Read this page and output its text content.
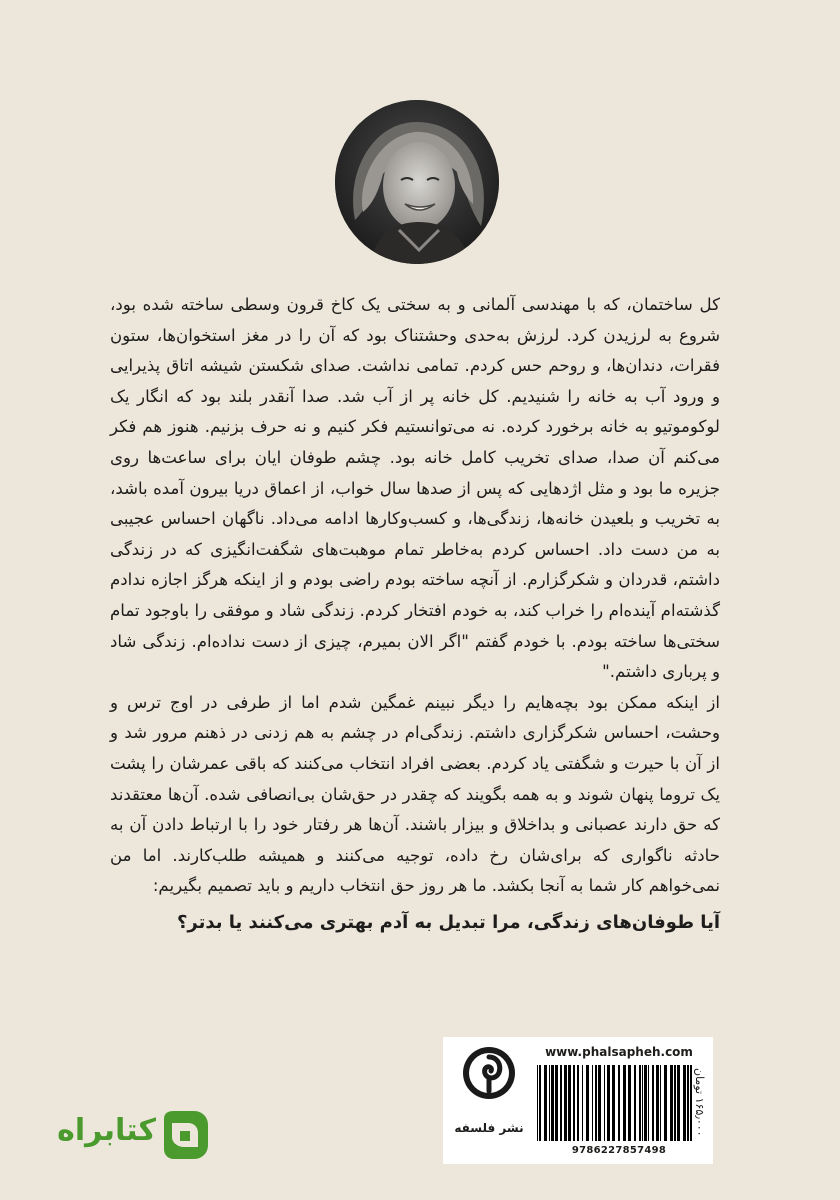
کل ساختمان، که با مهندسی آلمانی و به سختی یک کاخ قرون وسطی ساخته شده بود، شروع به لرزیدن کرد. لرزش به‌حدی وحشتناک بود که آن را در مغز استخوان‌ها، ستون فقرات، دندان‌ها، و روحم حس کردم. تمامی نداشت. صدای شکستن شیشه اتاق پذیرایی و ورود آب به خانه را شنیدیم. کل خانه پر از آب شد. صدا آنقدر بلند بود که انگار یک لوکوموتیو به خانه برخورد کرده. نه می‌توانستیم فکر کنیم و نه حرف بزنیم. هنوز هم فکر می‌کنم آن صدا، صدای تخریب کامل خانه بود. چشم طوفان ایان برای ساعت‌ها روی جزیره ما بود و مثل اژدهایی که پس از صدها سال خواب، از اعماق دریا بیرون آمده باشد، به تخریب و بلعیدن خانه‌ها، زندگی‌ها، و کسب‌وکارها ادامه می‌داد. ناگهان احساس عجیبی به من دست داد. احساس کردم به‌خاطر تمام موهبت‌های شگفت‌انگیزی که در زندگی داشتم، قدردان و شکرگزارم. از آنچه ساخته بودم راضی بودم و از اینکه هرگز اجازه ندادم گذشته‌ام آینده‌ام را خراب کند، به خودم افتخار کردم. زندگی شاد و موفقی را باوجود تمام سختی‌ها ساخته بودم. با خودم گفتم "اگر الان بمیرم، چیزی از دست نداده‌ام. زندگی شاد و پرباری داشتم."

از اینکه ممکن بود بچه‌هایم را دیگر نبینم غمگین شدم اما از طرفی در اوج ترس و وحشت، احساس شکرگزاری داشتم. زندگی‌ام در چشم به هم زدنی در ذهنم مرور شد و از آن با حیرت و شگفتی یاد کردم. بعضی افراد انتخاب می‌کنند که باقی عمرشان را پشت یک تروما پنهان شوند و به همه بگویند که چقدر در حق‌شان بی‌انصافی شده. آن‌ها معتقدند که حق دارند عصبانی و بداخلاق و بیزار باشند. آن‌ها هر رفتار خود را با ارتباط دادن آن به حادثه ناگواری که برای‌شان رخ داده، توجیه می‌کنند و همیشه طلب‌کارند. اما من نمی‌خواهم کار شما به آنجا بکشد. ما هر روز حق انتخاب داریم و باید تصمیم بگیریم:

آیا طوفان‌های زندگی، مرا تبدیل به آدم بهتری می‌کنند یا بدتر؟
نشر فلسفه
www.phalsapheh.com
9786227857498
۱۶۵٫۰۰۰ تومان
کتابراه
